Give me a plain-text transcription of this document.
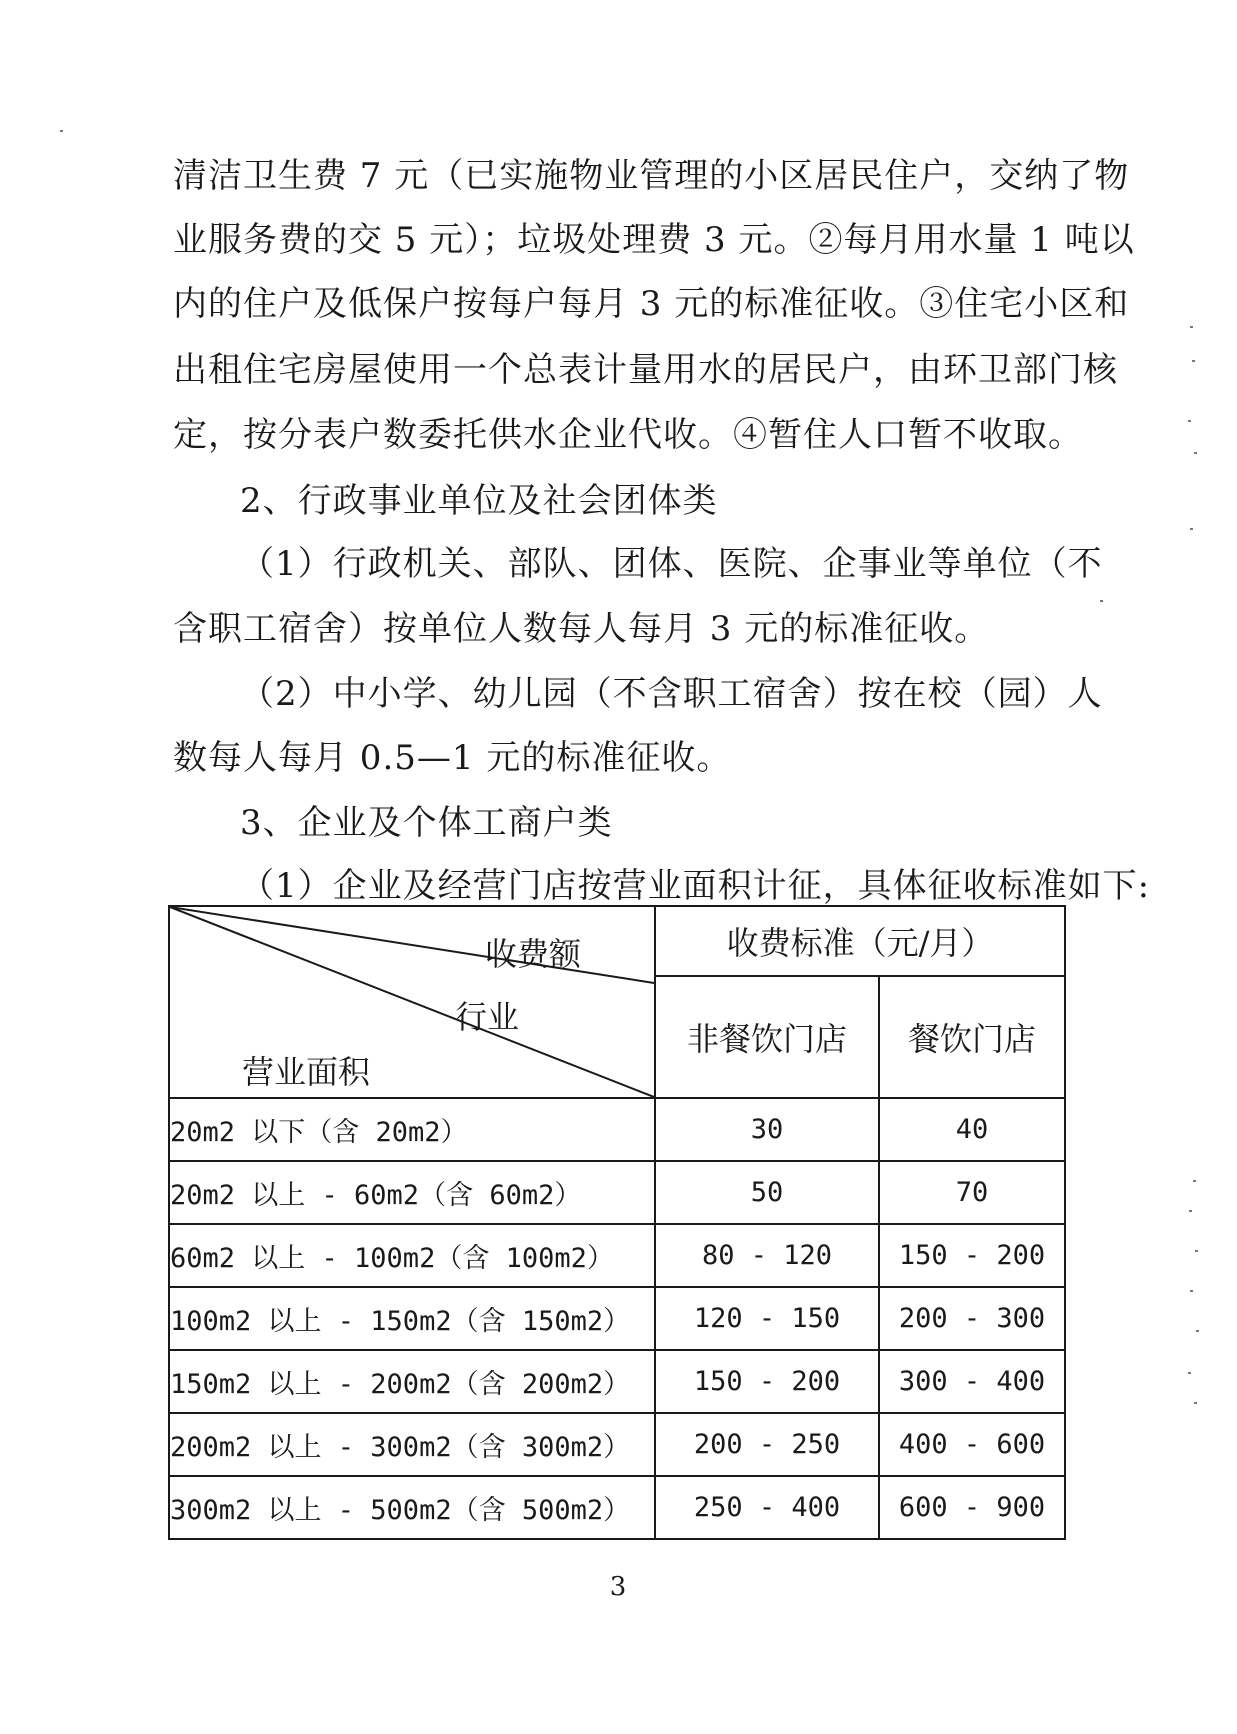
清洁卫生费 7 元（已实施物业管理的小区居民住户，交纳了物

业服务费的交 5 元）；垃圾处理费 3 元。②每月用水量 1 吨以

内的住户及低保户按每户每月 3 元的标准征收。③住宅小区和

出租住宅房屋使用一个总表计量用水的居民户，由环卫部门核

定，按分表户数委托供水企业代收。④暂住人口暂不收取。

2、行政事业单位及社会团体类

（1）行政机关、部队、团体、医院、企事业等单位（不

含职工宿舍）按单位人数每人每月 3 元的标准征收。

（2）中小学、幼儿园（不含职工宿舍）按在校（园）人

数每人每月 0.5—1 元的标准征收。

3、企业及个体工商户类

（1）企业及经营门店按营业面积计征，具体征收标准如下:

收费额
行业
营业面积	收费标准（元/月）	
	非餐饮门店	餐饮门店
20m2 以下（含 20m2）	30	40
20m2 以上 - 60m2（含 60m2）	50	70
60m2 以上 - 100m2（含 100m2）	80 - 120	150 - 200
100m2 以上 - 150m2（含 150m2）	120 - 150	200 - 300
150m2 以上 - 200m2（含 200m2）	150 - 200	300 - 400
200m2 以上 - 300m2（含 300m2）	200 - 250	400 - 600
300m2 以上 - 500m2（含 500m2）	250 - 400	600 - 900
3
